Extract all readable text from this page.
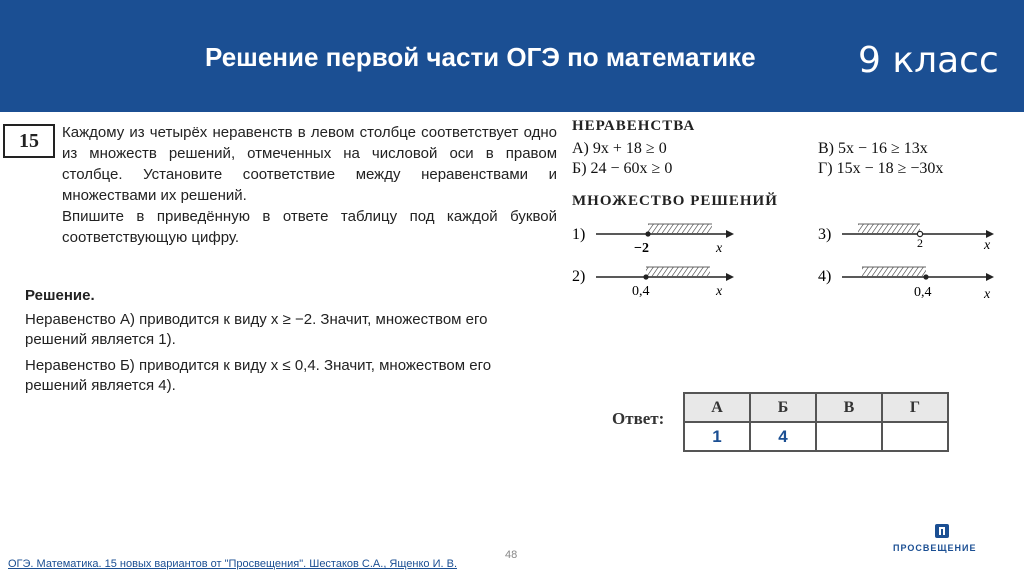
Решение первой части ОГЭ по математике	9 класс
15	Каждому из четырёх неравенств в левом столбце соответствует одно из множеств решений, отмеченных на числовой оси в правом столбце. Установите соответствие между неравенствами и множествами их решений.

Впишите в приведённую в ответе таблицу под каждой буквой соответствующую цифру.

НЕРАВЕНСТВА
А) 9x + 18 ≥ 0
Б) 24 − 60x ≥ 0
В) 5x − 16 ≥ 13x
Г) 15x − 18 ≥ −30x
МНОЖЕСТВО РЕШЕНИЙ
1)
−2	x
2)
0,4	x
3)	2	x
4)
0,4	x
Решение.

Неравенство А) приводится к виду x ≥ −2. Значит, множеством его решений является 1).

Неравенство Б) приводится к виду x ≤ 0,4. Значит, множеством его решений является 4).

Ответ:
А	Б	В	Г
1	4		
48
ОГЭ. Математика. 15 новых вариантов от "Просвещения". Шестаков С.А., Ященко И. В.
ПРОСВЕЩЕНИЕ
